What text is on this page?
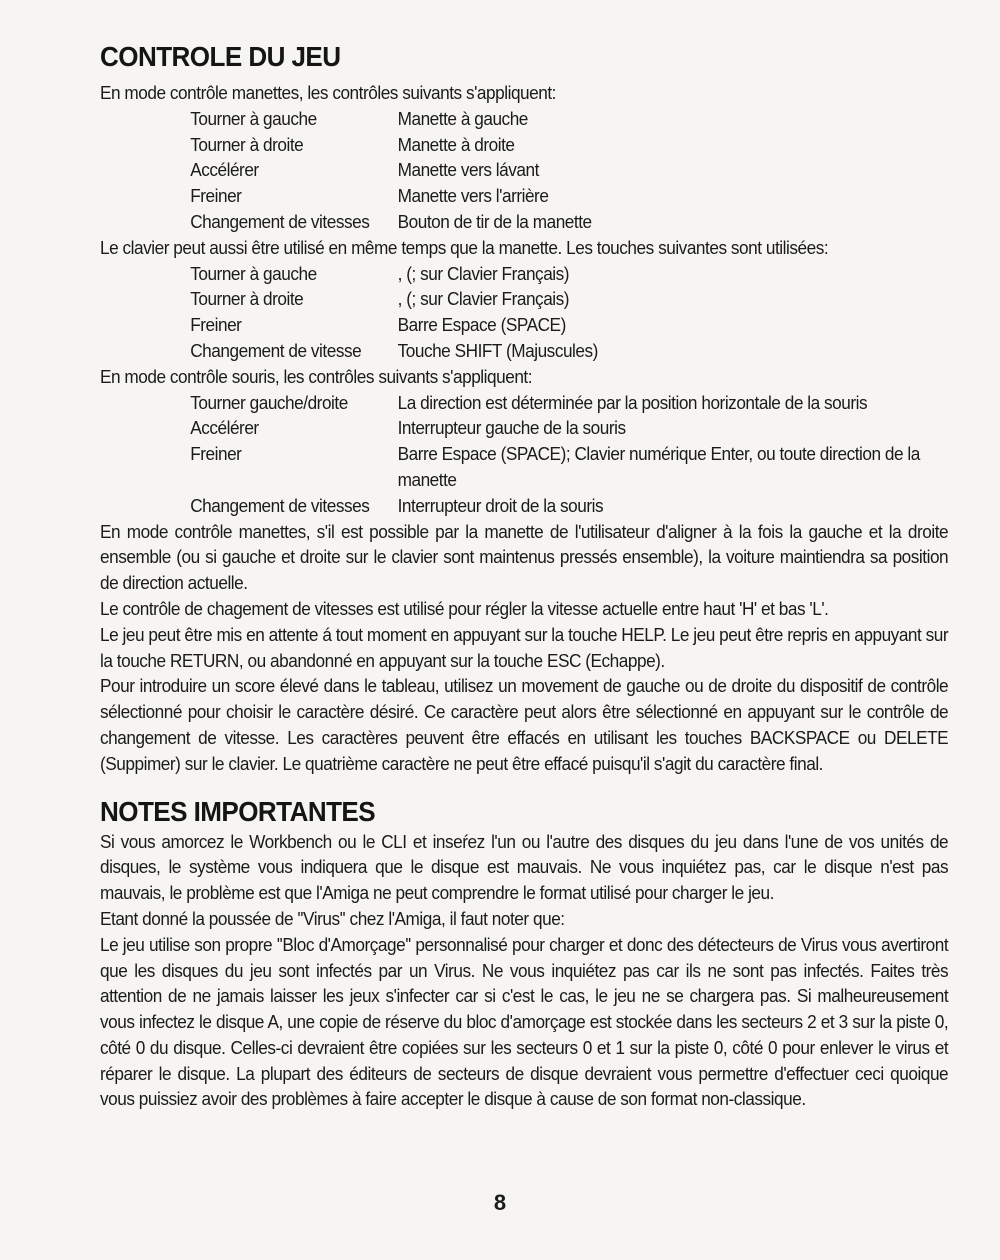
CONTROLE DU JEU

En mode contrôle manettes, les contrôles suivants s'appliquent:

Tourner à gauche	Manette à gauche
Tourner à droite	Manette à droite
Accélérer	Manette vers lávant
Freiner	Manette vers l'arrière
Changement de vitesses	Bouton de tir de la manette

Le clavier peut aussi être utilisé en même temps que la manette. Les touches suivantes sont utilisées:

Tourner à gauche	, (; sur Clavier Français)
Tourner à droite	, (; sur Clavier Français)
Freiner	Barre Espace (SPACE)
Changement de vitesse	Touche SHIFT (Majuscules)

En mode contrôle souris, les contrôles suivants s'appliquent:

Tourner gauche/droite	La direction est déterminée par la position horizontale de la souris
Accélérer	Interrupteur gauche de la souris
Freiner	Barre Espace (SPACE); Clavier numérique Enter, ou toute direction de la manette
Changement de vitesses	Interrupteur droit de la souris

En mode contrôle manettes, s'il est possible par la manette de l'utilisateur d'aligner à la fois la gauche et la droite ensemble (ou si gauche et droite sur le clavier sont maintenus pressés ensemble), la voiture maintiendra sa position de direction actuelle.

Le contrôle de chagement de vitesses est utilisé pour régler la vitesse actuelle entre haut 'H' et bas 'L'.

Le jeu peut être mis en attente á tout moment en appuyant sur la touche HELP. Le jeu peut être repris en appuyant sur la touche RETURN, ou abandonné en appuyant sur la touche ESC (Echappe).

Pour introduire un score élevé dans le tableau, utilisez un movement de gauche ou de droite du dispositif de contrôle sélectionné pour choisir le caractère désiré. Ce caractère peut alors être sélectionné en appuyant sur le contrôle de changement de vitesse. Les caractères peuvent être effacés en utilisant les touches BACKSPACE ou DELETE (Suppimer) sur le clavier. Le quatrième caractère ne peut être effacé puisqu'il s'agit du caractère final.

NOTES IMPORTANTES

Si vous amorcez le Workbench ou le CLI et inseŕez l'un ou l'autre des disques du jeu dans l'une de vos unités de disques, le système vous indiquera que le disque est mauvais. Ne vous inquiétez pas, car le disque n'est pas mauvais, le problème est que l'Amiga ne peut comprendre le format utilisé pour charger le jeu.

Etant donné la poussée de ''Virus'' chez l'Amiga, il faut noter que:

Le jeu utilise son propre ''Bloc d'Amorçage'' personnalisé pour charger et donc des détecteurs de Virus vous avertiront que les disques du jeu sont infectés par un Virus. Ne vous inquiétez pas car ils ne sont pas infectés. Faites très attention de ne jamais laisser les jeux s'infecter car si c'est le cas, le jeu ne se chargera pas. Si malheureusement vous infectez le disque A, une copie de réserve du bloc d'amorçage est stockée dans les secteurs 2 et 3 sur la piste 0, côté 0 du disque. Celles-ci devraient être copiées sur les secteurs 0 et 1 sur la piste 0, côté 0 pour enlever le virus et réparer le disque. La plupart des éditeurs de secteurs de disque devraient vous permettre d'effectuer ceci quoique vous puissiez avoir des problèmes à faire accepter le disque à cause de son format non-classique.

8
